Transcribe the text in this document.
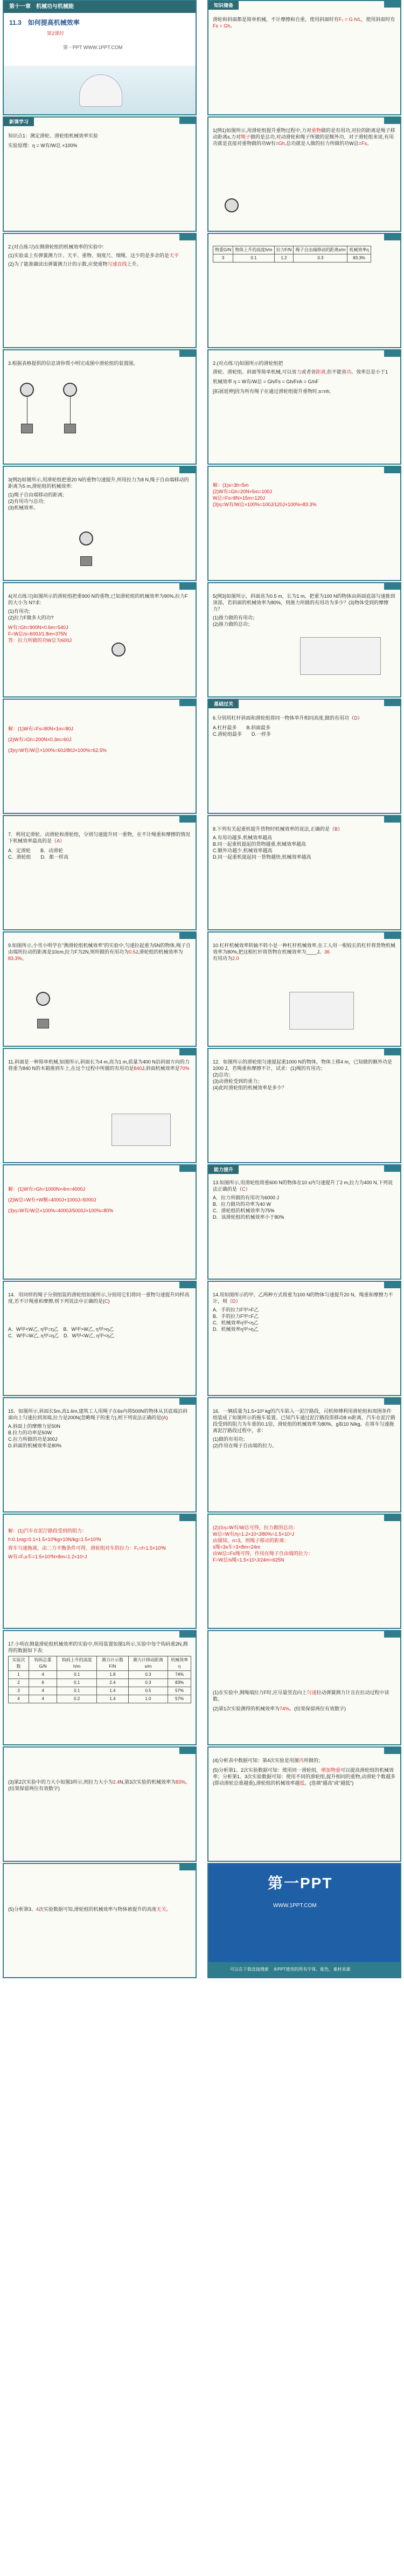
第十一章　机械功与机械能
11.3　如何提高机械效率
第2课时
第一PPT WWW.1PPT.COM
新课学习

知识点1：测定滑轮、滑轮组机械效率实验

实验原理：η = W有/W总 ×100%

2.(对点练习)在测滑轮组的机械效率的实验中:

(1)实验桌上有弹簧测力计、天平、重物、刻度尺、细绳、这少的是多余的是天平

(2)为了能准确读出弹簧测力计的示数,应使重物匀速直线上升。

3.根据表格提供的信息请你帮小明完成图中滑轮组的装置图。

3(例2)如图所示,用滑轮组把重20 N的重物匀速提升,所用拉力为8 N,绳子自由端移动的距离为5 m,滑轮组的机械效率:

(1)绳子自由端移动的距离;

(2)有用功与总功;

(3)机械效率。

4(对点练习)如图所示的滑轮组把重900 N的重物,已知滑轮组的机械效率为90%,拉力F的大小为 N?求:

(1)有用功;

(2)拉力F做多大的功?

W有=Gh=900N×0.6m=540J

F=W总/s=600J/1.8m≈375N

答：拉力所做的功W总为600J

解：(1)W有=Fs=80N×1m=80J

(2)W有=Gh=200N×0.3m=60J

(3)η=W有/W总×100%=60J/80J×100%=62.5%

7．利用定滑轮、动滑轮和滑轮组，分别匀速提升同一重物，在不计绳重和摩擦的情况下机械效率最高的是（A）

A．定滑轮　　 B．动滑轮

C．滑轮组　　 D．都一样高

9.如图所示,小雪小明学在"测滑轮组机械效率"的实验中,匀速拉起重为5N的物体,绳子自由端所拉动的距离是10cm,拉力F为2N,则所做的有用功为0.5J,滑轮组的机械效率为83.3%。

11.斜面是一种简单机械,如图所示,斜面长为4 m,高为1 m,质量为400 N沿斜面方向的力将重为840 N的木箱推到车上,在这个过程中所做的有用功是840J,斜面机械效率是70%

解：(1)W有=Gh=1000N×4m=4000J

(2)W总=W有+W额=4000J+1000J=5000J

(3)η=W有/W总×100%=4000J/5000J×100%=80%

14．用同样的绳子分别组装的滑轮组如图所示,分别用它们将同一重物匀速提升同样高度,若不计绳重和摩擦,则下列说法中正确的是(C)

A．W甲<W乙, η甲=η乙　 B．W甲>W乙, η甲>η乙

C．W甲=W乙, η甲=η乙　 D．W甲<W乙, η甲<η乙

15．如图所示,斜面长5m,高1.6m,建筑工人用绳子在6s内将500N的物体从其底端沿斜面向上匀速拉到顶端,拉力是200N(忽略绳子的重力),则下列说法正确的是(A)

A.斜面上的摩擦力是50N

B.拉力的功率是50W

C.拉力所做的功是300J

D.斜面的机械效率是80%

解：(1)汽车在泥泞路段受到的阻力：

f=0.1mg=0.1×1.5×10³kg×10N/kg=1.5×10³N

将车匀速拖离，由二力平衡条件可得，滑轮组对车的拉力：F₁=f=1.5×10³N

W有=F₁s车=1.5×10³N×8m=1.2×10⁴J

17.小明在测量滑轮组机械效率的实验中,所用装置如图1所示,实验中每个钩码重2N,测得的数据如下表:

实验次数	钩码总重G/N	钩码上升的高度h/m	测力计示数F/N	测力计移动距离s/m	机械效率η
1	4	0.1	1.8	0.3	74%
2	6	0.1	2.4	0.3	83%
3	4	0.1	1.4	0.5	57%
4	4	0.2	1.4	1.0	57%

(3)第2次实验中的力大小如图3所示,则拉力大小为2.4N,第3次实验的机械效率为83%。(结果保留两位有效数字)

(5)分析第3、4次实验数据可知,滑轮组的机械效率与物体被提升的高度无关。

知识储备

滑轮和斜面都是简单机械，不计摩擦和自重，使用斜面时有F₁ = G·h/L，使用斜面时有Fs = Gh。

1(例1)如图所示,用滑轮组提升重物过程中,力对重物做的是有用功,对拉的距离是绳子移动距离s,力对绳子做的是总功,对动滑轮和绳子所做的是额外功，对于滑轮组来说,有用功就是直接对重物做的功W有=Gh,总功就是人做的拉力所做的功W总=Fs。

物重G/N	物体上升的高度h/m	拉力F/N	绳子自由端移动的距离s/m	机械效率η
3	0.1	1.2	0.3	83.3%

2.(对点练习)如图所示的滑轮组把

滑轮、滑轮组、斜面等简单机械,可以省力或者省距离,但不能省功。效率总是小于1

机械效率 η = W有/W总 = Gh/Fs = Gh/Fnh = G/nF

[拓展延伸]因为所有绳子在通过滑轮组提升重物时,s=nh,

解：(1)s=3h=5m

(2)W有=Gh=20N×5m=100J

W总=Fs=8N×15m=120J

(3)η=W有/W总×100%=100J/120J×100%≈83.3%

5(例3)如图所示，斜面高为0.5 m，长为1 m，把重为100 N的物体由斜面底部匀速推到顶部，若斜面的机械效率为80%，则推力所做的有用功为多少？(3)物体受到的摩擦力？

(1)推力做的有用功；

(2)推力做的总功；

基础过关

6.分别用杠杆斜面和滑轮组将同一物体举升相同高度,做的有用功（D）

A.杠杆最多　　 B.斜面最多

C.滑轮组最多　　 D.一样多

8.下列有关起重机提升货物时机械效率的说法,正确的是（B）

A.有用功越多,机械效率越高

B.同一起重机提起的货物越重,机械效率越高

C.额外功越少,机械效率越高

D.同一起重机提起同一货物越快,机械效率越高

10.杠杆机械效率转轴不转小是一种杠杆机械效率,在工人用一根较长的杠杆将货物机械效率为80%,把这根杠杆将货物在机械效率为____J。36

有用功为2.0

12．如图所示的滑轮组匀速提起重1000 N的物体，物体上移4 m，已知做的额外功是1000 J，若绳重和摩擦不计，试求：(1)绳的有用功；

(2)总功；

(3)动滑轮受到的重力；

(4)此时滑轮组的机械效率是多少？

能力提升

13.如图所示,用滑轮组将重600 N的物体在10 s内匀速提升了2 m,拉力为400 N,下列说法正确的是（C）

A．拉力所做的有用功为6000 J

B．拉力做功的功率为40 W

C．滑轮组的机械效率为75%

D．该滑轮组的机械效率小于80%

14.用如图所示的甲、乙两种方式将重为100 N的物体匀速提升20 N，绳重和摩擦力不计，则（D）

A．手的拉力F甲>F乙

B．手的拉力F甲=F乙

C．机械效率η甲<η乙

D．机械效率η甲>η乙

16．一辆质量为1.5×10³ kg的汽车陷入一泥泞路段，司机师傅利用滑轮组和周围条件组装成了如图所示的拖车装置。已知汽车通过泥泞路段需移动8 m距离，汽车在泥泞路段受到的阻力为车重的0.1倍，滑轮组的机械效率为80%，g取10 N/kg。在将车匀速拖离泥泞路段过程中，求：

(1)做的有用功；

(2)作用在绳子自由端的拉力。

(2)由η=W有/W总可得，拉力做的总功：

W总=W有/η=1.2×10⁴J/80%=1.5×10⁴J

由图知，n=3，则绳子移动的距离：

s绳=3s车=3×8m=24m

由W总=Fs绳可得，作用在绳子自由端的拉力：

F=W总/s绳=1.5×10⁴J/24m=625N

(1)在实验中,测绳端拉力F时,应尽量竖直向上匀速拉动弹簧测力计且在拉动过程中读数。

(2)第1次实验测得的机械效率为74%。(结果保留两位有效数字)

(4)分析表中数据可知：第4次实验是用图丙所做的；

(5)分析第1、2次实验数据可知：使用同一滑轮组，增加物重可以提高滑轮组的机械效率；分析第1、3次实验数据可知：使用不同的滑轮组,提升相同的重物,动滑轮个数越多(即动滑轮总重越重),滑轮组的机械效率越低。(选填"越高"或"越低")

第一PPT
WWW.1PPT.COM
可以在下载直接搜索　本PPT使用的所有字体、配色、素材来源
